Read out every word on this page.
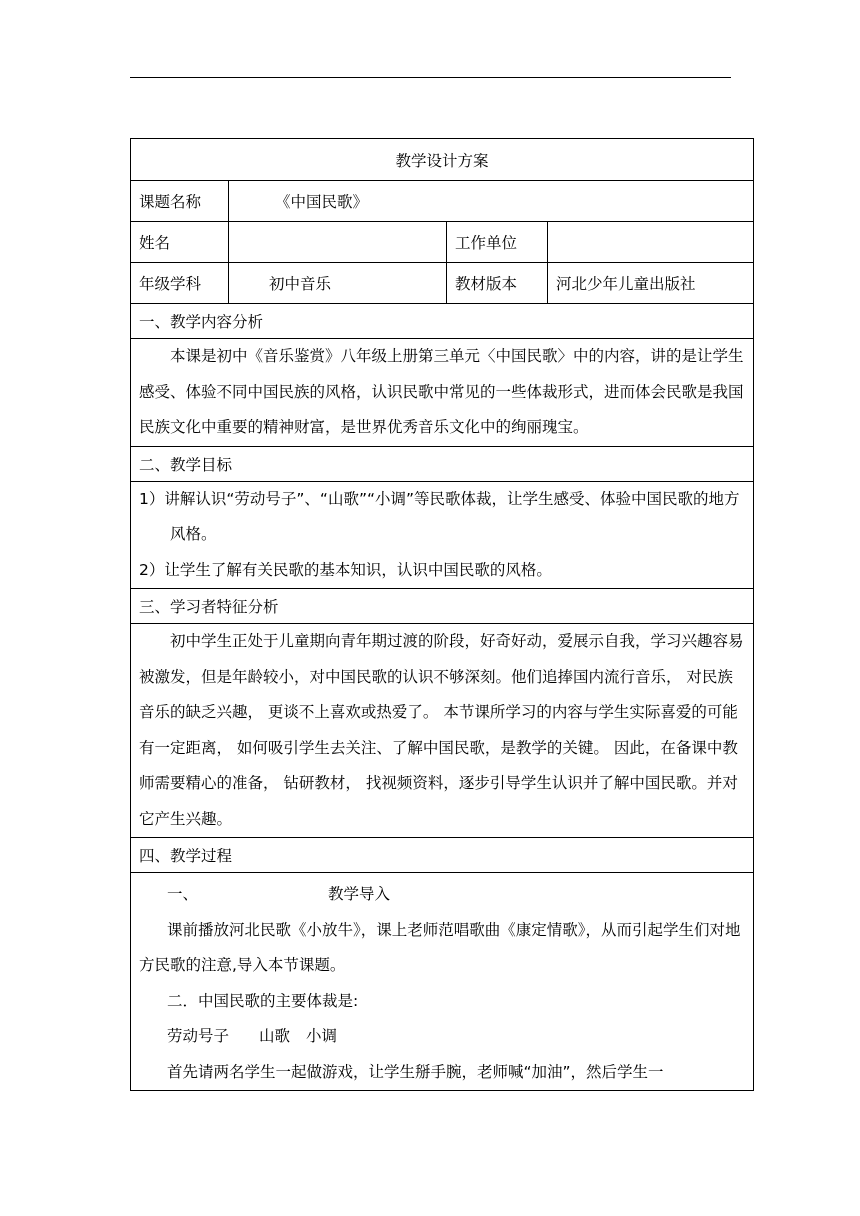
教学设计方案			
课题名称	《中国民歌》		
姓名		工作单位	
年级学科	初中音乐	教材版本	河北少年儿童出版社
一、教学内容分析			

本课是初中《音乐鉴赏》八年级上册第三单元〈中国民歌〉中的内容，讲的是让学生感受、体验不同中国民族的风格，认识民歌中常见的一些体裁形式，进而体会民歌是我国民族文化中重要的精神财富，是世界优秀音乐文化中的绚丽瑰宝。			

二、教学目标			

1）讲解认识“劳动号子”、“山歌”“小调”等民歌体裁，让学生感受、体验中国民歌的地方风格。

2）让学生了解有关民歌的基本知识，认识中国民歌的风格。			

三、学习者特征分析			

初中学生正处于儿童期向青年期过渡的阶段，好奇好动，爱展示自我，学习兴趣容易被激发，但是年龄较小，对中国民歌的认识不够深刻。他们追捧国内流行音乐， 对民族音乐的缺乏兴趣， 更谈不上喜欢或热爱了。 本节课所学习的内容与学生实际喜爱的可能有一定距离， 如何吸引学生去关注、了解中国民歌，是教学的关键。 因此，在备课中教师需要精心的准备， 钻研教材， 找视频资料，逐步引导学生认识并了解中国民歌。并对它产生兴趣。			

四、教学过程			

一、 教学导入

课前播放河北民歌《小放牛》，课上老师范唱歌曲《康定情歌》，从而引起学生们对地方民歌的注意,导入本节课题。

二．中国民歌的主要体裁是:

劳动号子 山歌 小调

首先请两名学生一起做游戏，让学生掰手腕，老师喊“加油”，然后学生一			
